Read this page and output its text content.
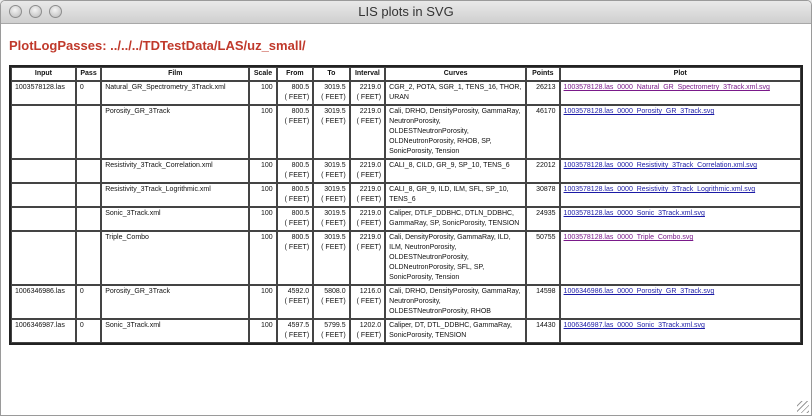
LIS plots in SVG
PlotLogPasses: ../../../TDTestData/LAS/uz_small/
Input	Pass	Film	Scale	From	To	Interval	Curves	Points	Plot
1003578128.las	0	Natural_GR_Spectrometry_3Track.xml	100	800.5
( FEET)	3019.5
( FEET)	2219.0
( FEET)	CGR_2, POTA, SGR_1, TENS_16, THOR, URAN	26213	1003578128.las_0000_Natural_GR_Spectrometry_3Track.xml.svg
		Porosity_GR_3Track	100	800.5
( FEET)	3019.5
( FEET)	2219.0
( FEET)	Cali, DRHO, DensityPorosity, GammaRay, NeutronPorosity, OLDESTNeutronPorosity, OLDNeutronPorosity, RHOB, SP, SonicPorosity, Tension	46170	1003578128.las_0000_Porosity_GR_3Track.svg
		Resistivity_3Track_Correlation.xml	100	800.5
( FEET)	3019.5
( FEET)	2219.0
( FEET)	CALI_8, CILD, GR_9, SP_10, TENS_6	22012	1003578128.las_0000_Resistivity_3Track_Correlation.xml.svg
		Resistivity_3Track_Logrithmic.xml	100	800.5
( FEET)	3019.5
( FEET)	2219.0
( FEET)	CALI_8, GR_9, ILD, ILM, SFL, SP_10, TENS_6	30878	1003578128.las_0000_Resistivity_3Track_Logrithmic.xml.svg
		Sonic_3Track.xml	100	800.5
( FEET)	3019.5
( FEET)	2219.0
( FEET)	Caliper, DTLF_DDBHC, DTLN_DDBHC, GammaRay, SP, SonicPorosity, TENSION	24935	1003578128.las_0000_Sonic_3Track.xml.svg
		Triple_Combo	100	800.5
( FEET)	3019.5
( FEET)	2219.0
( FEET)	Cali, DensityPorosity, GammaRay, ILD, ILM, NeutronPorosity, OLDESTNeutronPorosity, OLDNeutronPorosity, SFL, SP, SonicPorosity, Tension	50755	1003578128.las_0000_Triple_Combo.svg
1006346986.las	0	Porosity_GR_3Track	100	4592.0
( FEET)	5808.0
( FEET)	1216.0
( FEET)	Cali, DRHO, DensityPorosity, GammaRay, NeutronPorosity, OLDESTNeutronPorosity, RHOB	14598	1006346986.las_0000_Porosity_GR_3Track.svg
1006346987.las	0	Sonic_3Track.xml	100	4597.5
( FEET)	5799.5
( FEET)	1202.0
( FEET)	Caliper, DT, DTL_DDBHC, GammaRay, SonicPorosity, TENSION	14430	1006346987.las_0000_Sonic_3Track.xml.svg
